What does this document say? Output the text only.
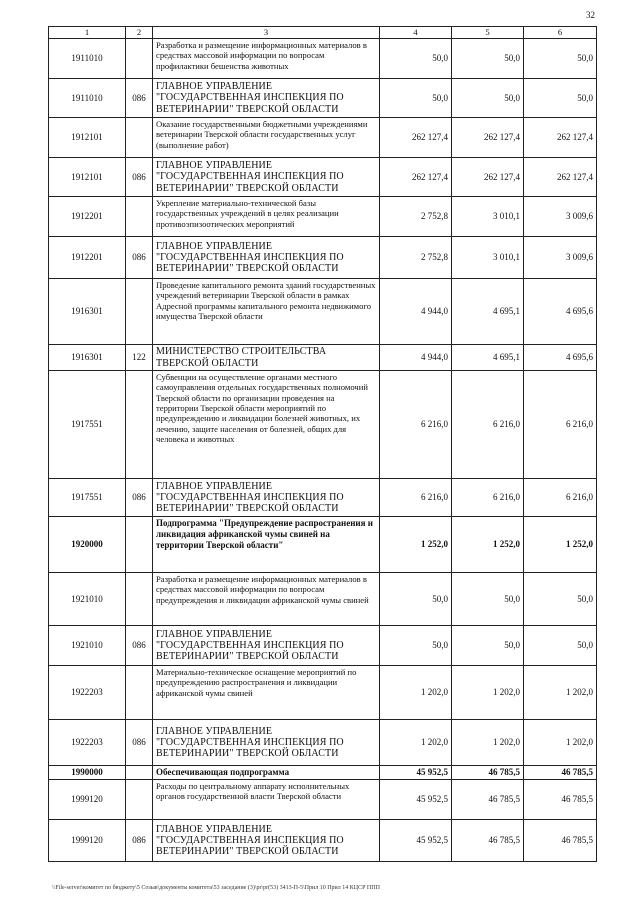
32
1	2	3	4	5	6
1911010		Разработка и размещение информационных материалов в средствах массовой информации по вопросам профилактики бешенства животных	50,0	50,0	50,0
1911010	086	ГЛАВНОЕ УПРАВЛЕНИЕ "ГОСУДАРСТВЕННАЯ ИНСПЕКЦИЯ ПО ВЕТЕРИНАРИИ" ТВЕРСКОЙ ОБЛАСТИ	50,0	50,0	50,0
1912101		Оказание государственными бюджетными учреждениями ветеринарии Тверской области государственных услуг (выполнение работ)	262 127,4	262 127,4	262 127,4
1912101	086	ГЛАВНОЕ УПРАВЛЕНИЕ "ГОСУДАРСТВЕННАЯ ИНСПЕКЦИЯ ПО ВЕТЕРИНАРИИ" ТВЕРСКОЙ ОБЛАСТИ	262 127,4	262 127,4	262 127,4
1912201		Укрепление материально-технической базы государственных учреждений в целях реализации противоэпизоотических мероприятий	2 752,8	3 010,1	3 009,6
1912201	086	ГЛАВНОЕ УПРАВЛЕНИЕ "ГОСУДАРСТВЕННАЯ ИНСПЕКЦИЯ ПО ВЕТЕРИНАРИИ" ТВЕРСКОЙ ОБЛАСТИ	2 752,8	3 010,1	3 009,6
1916301		Проведение капитального ремонта зданий государственных учреждений ветеринарии Тверской области в рамках Адресной программы капитального ремонта недвижимого имущества Тверской области	4 944,0	4 695,1	4 695,6
1916301	122	МИНИСТЕРСТВО СТРОИТЕЛЬСТВА ТВЕРСКОЙ ОБЛАСТИ	4 944,0	4 695,1	4 695,6
1917551		Субвенции на осуществление органами местного самоуправления отдельных государственных полномочий Тверской области по организации проведения на территории Тверской области мероприятий по предупреждению и ликвидации болезней животных, их лечению, защите населения от болезней, общих для человека и животных	6 216,0	6 216,0	6 216,0
1917551	086	ГЛАВНОЕ УПРАВЛЕНИЕ "ГОСУДАРСТВЕННАЯ ИНСПЕКЦИЯ ПО ВЕТЕРИНАРИИ" ТВЕРСКОЙ ОБЛАСТИ	6 216,0	6 216,0	6 216,0
1920000		Подпрограмма "Предупреждение распространения и ликвидация африканской чумы свиней на территории Тверской области"	1 252,0	1 252,0	1 252,0
1921010		Разработка и размещение информационных материалов в средствах массовой информации по вопросам предупреждения и ликвидации африканской чумы свиней	50,0	50,0	50,0
1921010	086	ГЛАВНОЕ УПРАВЛЕНИЕ "ГОСУДАРСТВЕННАЯ ИНСПЕКЦИЯ ПО ВЕТЕРИНАРИИ" ТВЕРСКОЙ ОБЛАСТИ	50,0	50,0	50,0
1922203		Материально-техническое оснащение мероприятий по предупреждению распространения и ликвидации африканской чумы свиней	1 202,0	1 202,0	1 202,0
1922203	086	ГЛАВНОЕ УПРАВЛЕНИЕ "ГОСУДАРСТВЕННАЯ ИНСПЕКЦИЯ ПО ВЕТЕРИНАРИИ" ТВЕРСКОЙ ОБЛАСТИ	1 202,0	1 202,0	1 202,0
1990000		Обеспечивающая подпрограмма	45 952,5	46 785,5	46 785,5
1999120		Расходы по центральному аппарату исполнительных органов государственной власти Тверской области	45 952,5	46 785,5	46 785,5
1999120	086	ГЛАВНОЕ УПРАВЛЕНИЕ "ГОСУДАРСТВЕННАЯ ИНСПЕКЦИЯ ПО ВЕТЕРИНАРИИ" ТВЕРСКОЙ ОБЛАСТИ	45 952,5	46 785,5	46 785,5
\\File-server\комитет по бюджету\5 Созыв\документы комитета\53 заседание (3)\pr\pr(53) 3413-П-5\Прил 10 Прил 14 КЦСР ППП
